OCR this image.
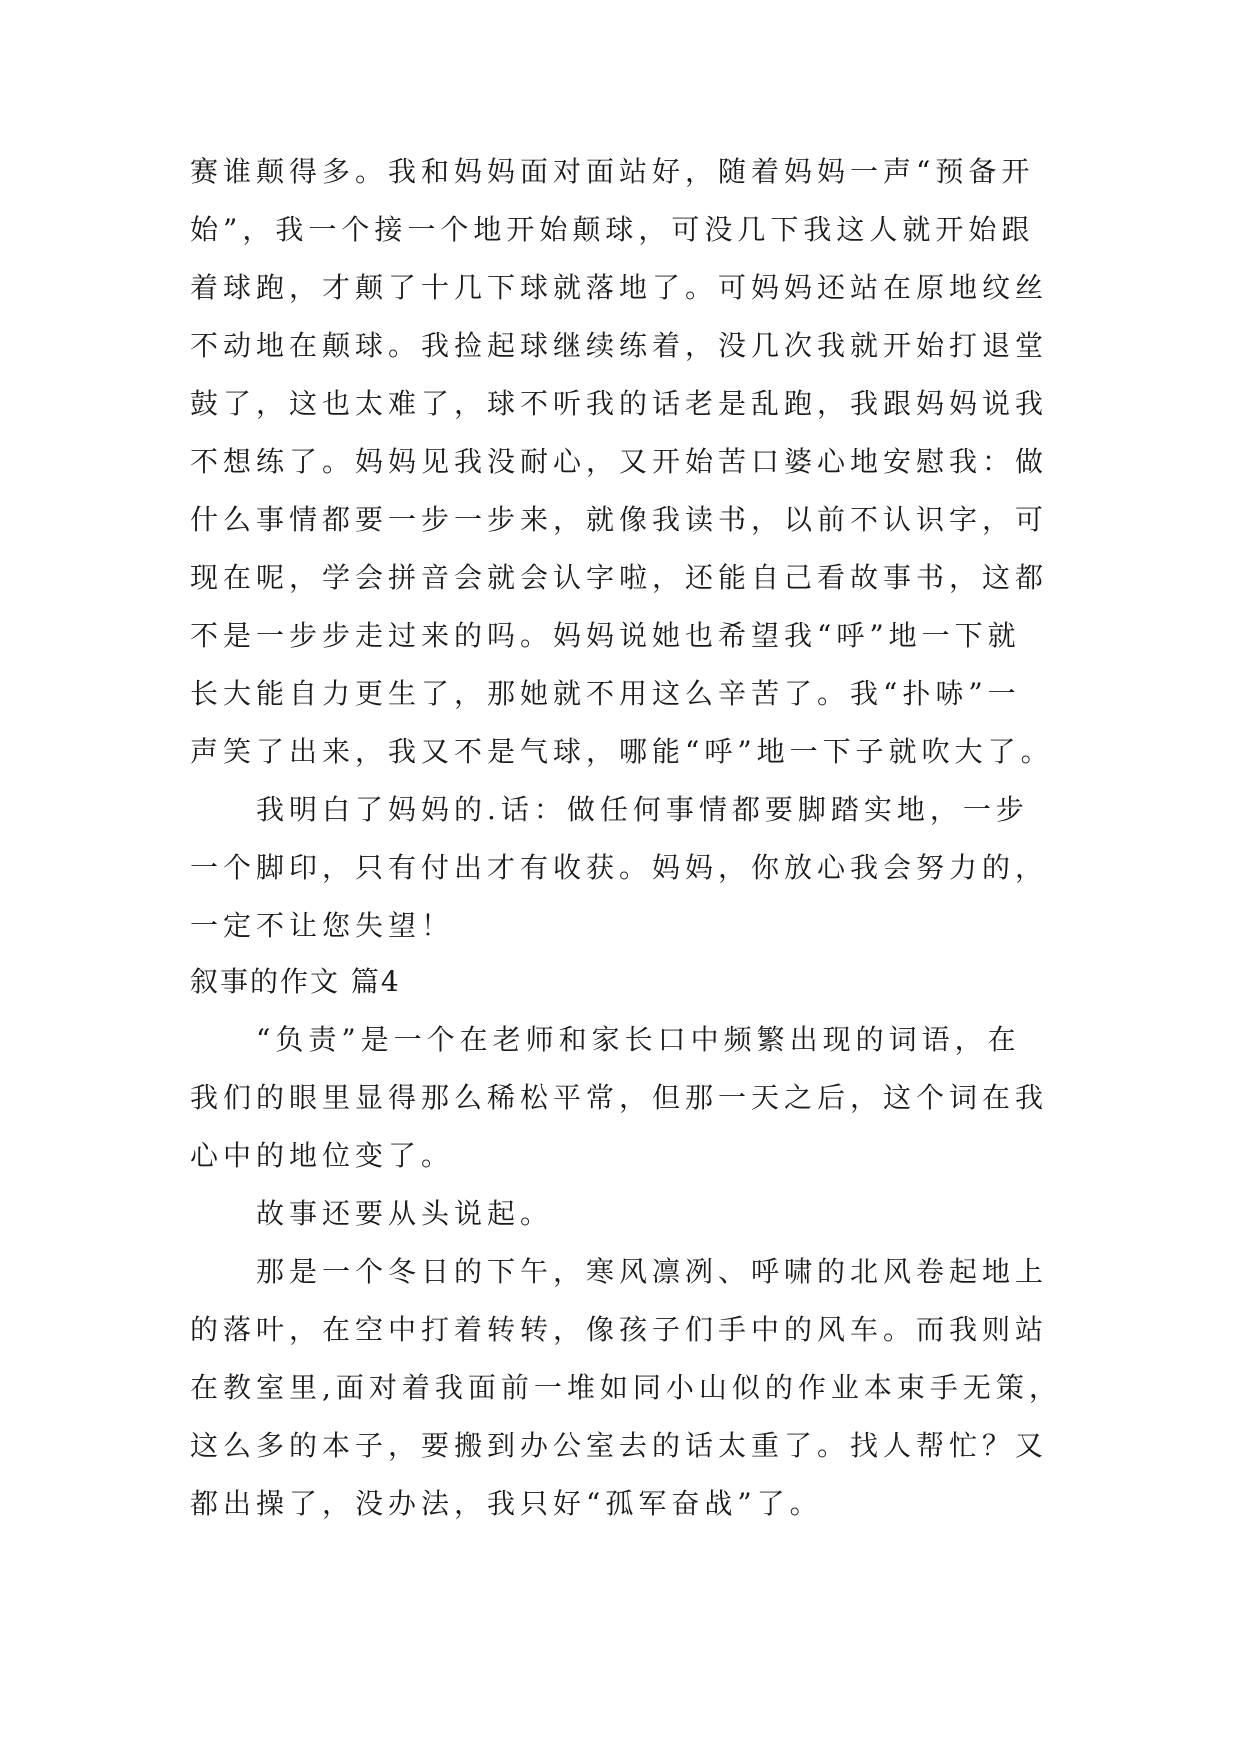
赛谁颠得多。我和妈妈面对面站好，随着妈妈一声“预备开
始”，我一个接一个地开始颠球，可没几下我这人就开始跟
着球跑，才颠了十几下球就落地了。可妈妈还站在原地纹丝
不动地在颠球。我捡起球继续练着，没几次我就开始打退堂
鼓了，这也太难了，球不听我的话老是乱跑，我跟妈妈说我
不想练了。妈妈见我没耐心，又开始苦口婆心地安慰我：做
什么事情都要一步一步来，就像我读书，以前不认识字，可
现在呢，学会拼音会就会认字啦，还能自己看故事书，这都
不是一步步走过来的吗。妈妈说她也希望我“呼”地一下就
长大能自力更生了，那她就不用这么辛苦了。我“扑哧”一
声笑了出来，我又不是气球，哪能“呼”地一下子就吹大了。
我明白了妈妈的.话：做任何事情都要脚踏实地，一步
一个脚印，只有付出才有收获。妈妈，你放心我会努力的，
一定不让您失望！
叙事的作文 篇4
“负责”是一个在老师和家长口中频繁出现的词语，在
我们的眼里显得那么稀松平常，但那一天之后，这个词在我
心中的地位变了。
故事还要从头说起。
那是一个冬日的下午，寒风凛冽、呼啸的北风卷起地上
的落叶，在空中打着转转，像孩子们手中的风车。而我则站
在教室里,面对着我面前一堆如同小山似的作业本束手无策，
这么多的本子，要搬到办公室去的话太重了。找人帮忙？又
都出操了，没办法，我只好“孤军奋战”了。
